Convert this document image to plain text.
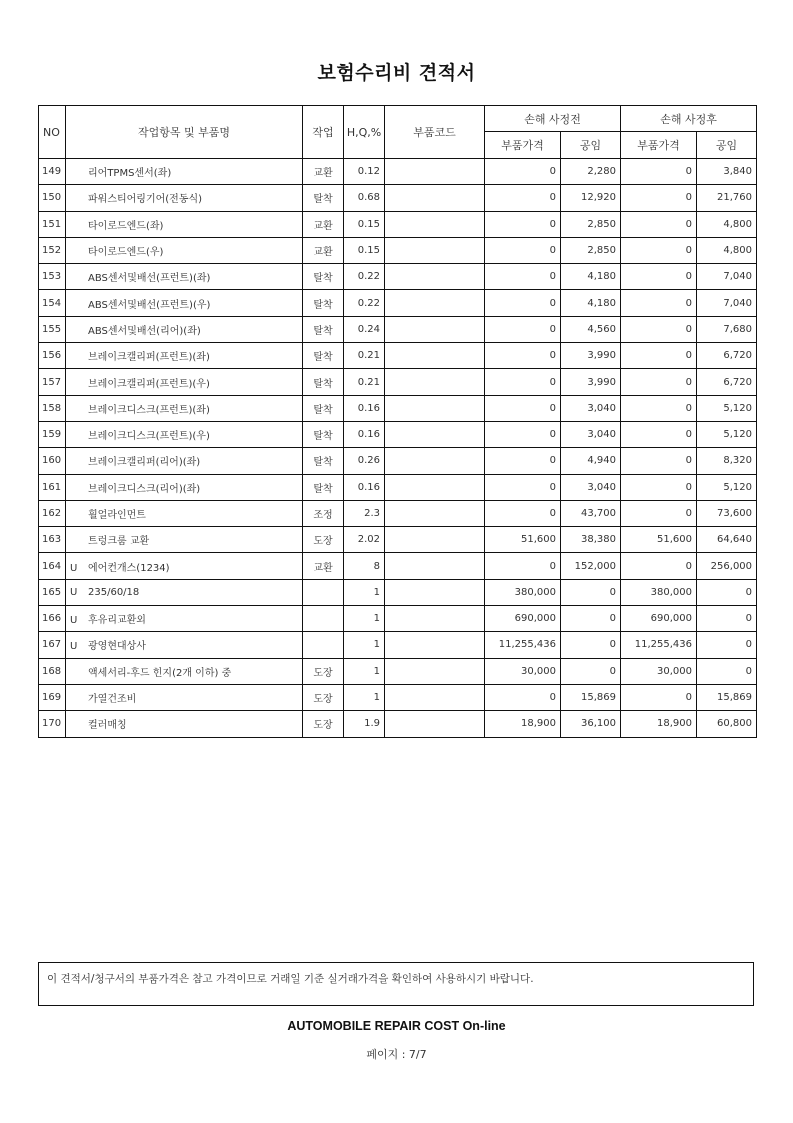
보험수리비 견적서
NO	작업항목 및 부품명	작업	H,Q,%	부품코드	손해 사정전		손해 사정후	
					부품가격	공임	부품가격	공임
149	리어TPMS센서(좌)	교환	0.12		0	2,280	0	3,840
150	파워스티어링기어(전동식)	탈착	0.68		0	12,920	0	21,760
151	타이로드엔드(좌)	교환	0.15		0	2,850	0	4,800
152	타이로드엔드(우)	교환	0.15		0	2,850	0	4,800
153	ABS센서및배선(프런트)(좌)	탈착	0.22		0	4,180	0	7,040
154	ABS센서및배선(프런트)(우)	탈착	0.22		0	4,180	0	7,040
155	ABS센서및배선(리어)(좌)	탈착	0.24		0	4,560	0	7,680
156	브레이크캘리퍼(프런트)(좌)	탈착	0.21		0	3,990	0	6,720
157	브레이크캘리퍼(프런트)(우)	탈착	0.21		0	3,990	0	6,720
158	브레이크디스크(프런트)(좌)	탈착	0.16		0	3,040	0	5,120
159	브레이크디스크(프런트)(우)	탈착	0.16		0	3,040	0	5,120
160	브레이크캘리퍼(리어)(좌)	탈착	0.26		0	4,940	0	8,320
161	브레이크디스크(리어)(좌)	탈착	0.16		0	3,040	0	5,120
162	휠얼라인먼트	조정	2.3		0	43,700	0	73,600
163	트렁크룸 교환	도장	2.02		51,600	38,380	51,600	64,640
164	U 에어컨개스(1234)	교환	8		0	152,000	0	256,000
165	U 235/60/18		1		380,000	0	380,000	0
166	U 후유리교환외		1		690,000	0	690,000	0
167	U 광영현대상사		1		11,255,436	0	11,255,436	0
168	액세서리-후드 힌지(2개 이하) 중	도장	1		30,000	0	30,000	0
169	가열건조비	도장	1		0	15,869	0	15,869
170	컬러매칭	도장	1.9		18,900	36,100	18,900	60,800
이 견적서/청구서의 부품가격은 참고 가격이므로 거래일 기준 실거래가격을 확인하여 사용하시기 바랍니다.
AUTOMOBILE REPAIR COST On-line
페이지 : 7/7
